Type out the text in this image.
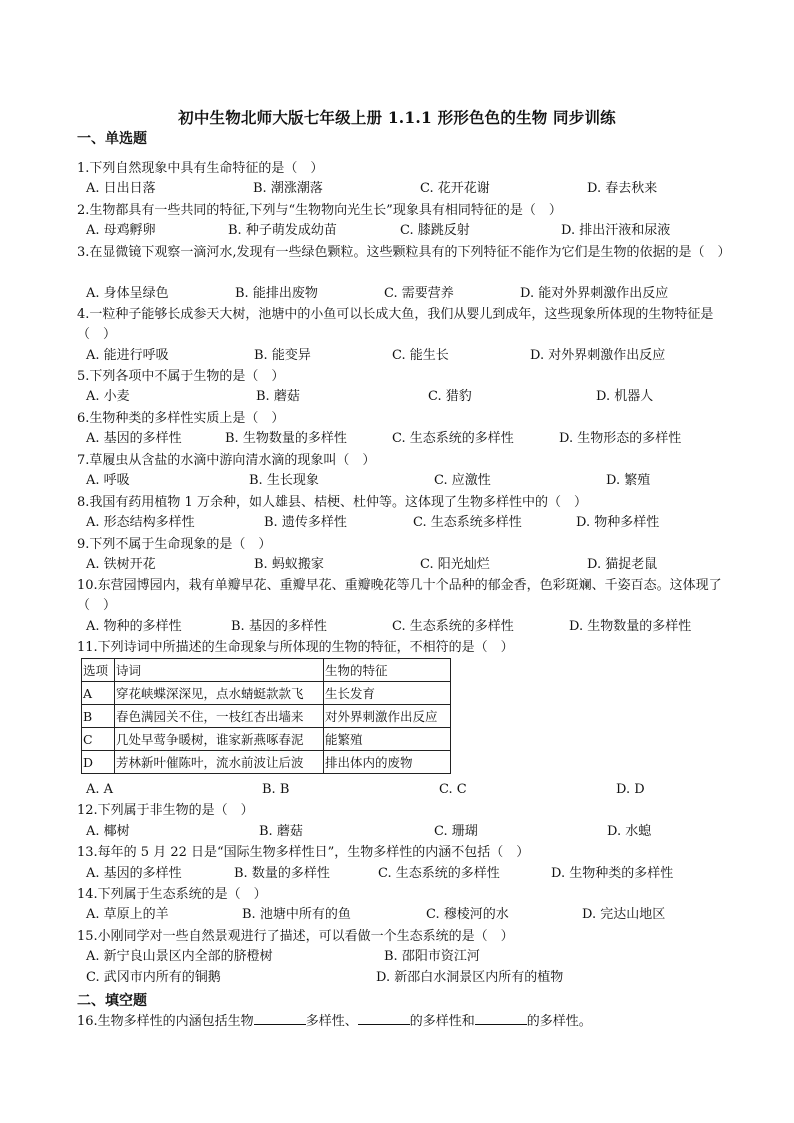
初中生物北师大版七年级上册 1.1.1 形形色色的生物 同步训练
一、单选题
1.下列自然现象中具有生命特征的是（　）
A. 日出日落	B. 潮涨潮落	C. 花开花谢	D. 春去秋来
2.生物都具有一些共同的特征,下列与“生物物向光生长”现象具有相同特征的是（　）
A. 母鸡孵卵	B. 种子萌发成幼苗	C. 膝跳反射	D. 排出汗液和尿液
3.在显微镜下观察一滴河水,发现有一些绿色颗粒。这些颗粒具有的下列特征不能作为它们是生物的依据的是（　）
A. 身体呈绿色	B. 能排出废物	C. 需要营养	D. 能对外界刺激作出反应
4.一粒种子能够长成参天大树，池塘中的小鱼可以长成大鱼，我们从婴儿到成年，这些现象所体现的生物特征是（　）
A. 能进行呼吸	B. 能变异	C. 能生长	D. 对外界刺激作出反应
5.下列各项中不属于生物的是（　）
A. 小麦	B. 蘑菇	C. 猎豹	D. 机器人
6.生物种类的多样性实质上是（　）
A. 基因的多样性	B. 生物数量的多样性	C. 生态系统的多样性	D. 生物形态的多样性
7.草履虫从含盐的水滴中游向清水滴的现象叫（　）
A. 呼吸	B. 生长现象	C. 应激性	D. 繁殖
8.我国有药用植物 1 万余种，如人雄县、桔梗、杜仲等。这体现了生物多样性中的（　）
A. 形态结构多样性	B. 遗传多样性	C. 生态系统多样性	D. 物种多样性
9.下列不属于生命现象的是（　）
A. 铁树开花	B. 蚂蚁搬家	C. 阳光灿烂	D. 猫捉老鼠
10.东营园博园内，栽有单瓣早花、重瓣早花、重瓣晚花等几十个品种的郁金香，色彩斑斓、千姿百态。这体现了（　）
A. 物种的多样性	B. 基因的多样性	C. 生态系统的多样性	D. 生物数量的多样性
11.下列诗词中所描述的生命现象与所体现的生物的特征，不相符的是（　）
选项	诗词	生物的特征
A	穿花峡蝶深深见，点水蜻蜓款款飞	生长发育
B	春色满园关不住，一枝红杏出墙来	对外界刺激作出反应
C	几处早莺争暖树，谁家新燕啄春泥	能繁殖
D	芳林新叶催陈叶，流水前波让后波	排出体内的废物
A. A	B. B	C. C	D. D
12.下列属于非生物的是（　）
A. 椰树	B. 蘑菇	C. 珊瑚	D. 水螅
13.每年的 5 月 22 日是“国际生物多样性日”，生物多样性的内涵不包括（　）
A. 基因的多样性	B. 数量的多样性	C. 生态系统的多样性	D. 生物种类的多样性
14.下列属于生态系统的是（　）
A. 草原上的羊	B. 池塘中所有的鱼	C. 穆棱河的水	D. 完达山地区
15.小刚同学对一些自然景观进行了描述，可以看做一个生态系统的是（　）
A. 新宁良山景区内全部的脐橙树	B. 邵阳市资江河
C. 武冈市内所有的铜鹅	D. 新邵白水洞景区内所有的植物
二、填空题
16.生物多样性的内涵包括生物	多样性、	的多样性和	的多样性。
